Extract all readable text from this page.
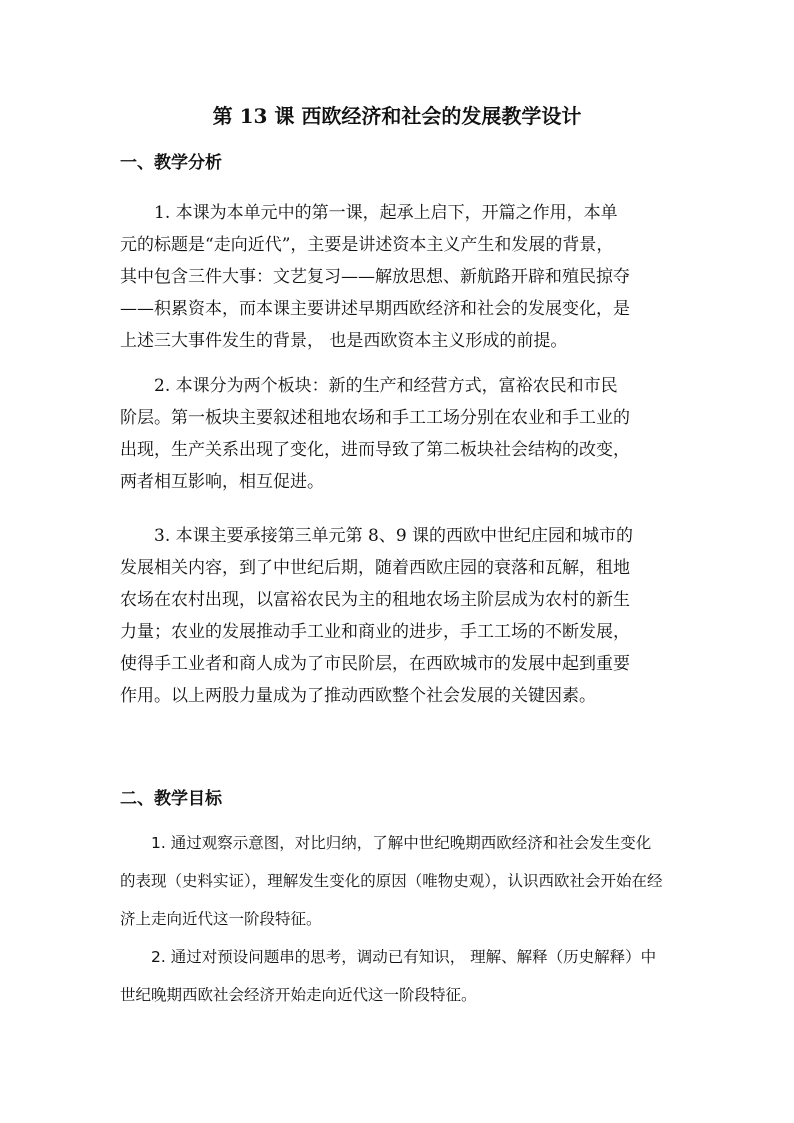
第 13 课 西欧经济和社会的发展教学设计
一、教学分析

　　1. 本课为本单元中的第一课，起承上启下，开篇之作用，本单
元的标题是“走向近代”，主要是讲述资本主义产生和发展的背景，
其中包含三件大事：文艺复习——解放思想、新航路开辟和殖民掠夺
——积累资本，而本课主要讲述早期西欧经济和社会的发展变化，是
上述三大事件发生的背景， 也是西欧资本主义形成的前提。

　　2. 本课分为两个板块：新的生产和经营方式，富裕农民和市民
阶层。第一板块主要叙述租地农场和手工工场分别在农业和手工业的
出现，生产关系出现了变化，进而导致了第二板块社会结构的改变，
两者相互影响，相互促进。

　　3. 本课主要承接第三单元第 8、9 课的西欧中世纪庄园和城市的
发展相关内容，到了中世纪后期，随着西欧庄园的衰落和瓦解，租地
农场在农村出现，以富裕农民为主的租地农场主阶层成为农村的新生
力量；农业的发展推动手工业和商业的进步，手工工场的不断发展，
使得手工业者和商人成为了市民阶层，在西欧城市的发展中起到重要
作用。以上两股力量成为了推动西欧整个社会发展的关键因素。

二、教学目标

　　1. 通过观察示意图，对比归纳，了解中世纪晚期西欧经济和社会发生变化
的表现（史料实证），理解发生变化的原因（唯物史观），认识西欧社会开始在经
济上走向近代这一阶段特征。

　　2. 通过对预设问题串的思考，调动已有知识， 理解、解释（历史解释）中
世纪晚期西欧社会经济开始走向近代这一阶段特征。
